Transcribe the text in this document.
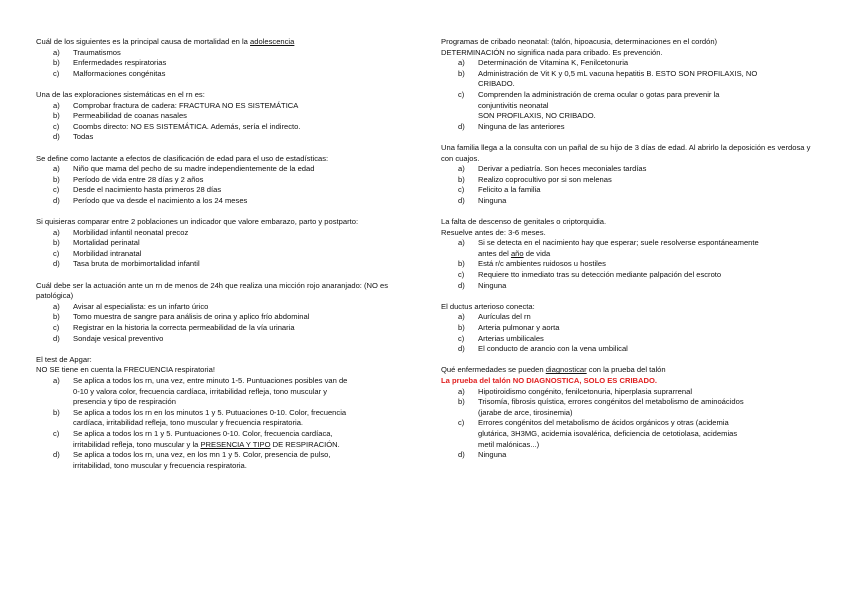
Cuál de los siguientes es la principal causa de mortalidad en la adolescencia
a)	Traumatismos
b)	Enfermedades respiratorias
c)	Malformaciones congénitas
Una de las exploraciones sistemáticas en el rn es:
a)	Comprobar fractura de cadera: FRACTURA NO ES SISTEMÁTICA
b)	Permeabilidad de coanas nasales
c)	Coombs directo: NO ES SISTEMÁTICA. Además, sería el indirecto.
d)	Todas
Se define como lactante a efectos de clasificación de edad para el uso de estadísticas:
a)	Niño que mama del pecho de su madre independientemente de la edad
b)	Período de vida entre 28 días y 2 años
c)	Desde el nacimiento hasta primeros 28 días
d)	Período que va desde el nacimiento a los 24 meses
Si quisieras comparar entre 2 poblaciones un indicador que valore embarazo, parto y postparto:
a)	Morbilidad infantil neonatal precoz
b)	Mortalidad perinatal
c)	Morbilidad intranatal
d)	Tasa bruta de morbimortalidad infantil
Cuál debe ser la actuación ante un rn de menos de 24h que realiza una micción rojo anaranjado: (NO es patológica)
a)	Avisar al especialista: es un infarto úrico
b)	Tomo muestra de sangre para análisis de orina y aplico frío abdominal
c)	Registrar en la historia la correcta permeabilidad de la vía urinaria
d)	Sondaje vesical preventivo
El test de Apgar:
NO SE tiene en cuenta la FRECUENCIA respiratoria!
a)	Se aplica a todos los rn, una vez, entre minuto 1-5. Puntuaciones posibles van de
0-10 y valora color, frecuencia cardíaca, irritabilidad refleja, tono muscular y
presencia y tipo de respiración
b)	Se aplica a todos los rn en los minutos 1 y 5. Putuaciones 0-10. Color, frecuencia
cardíaca, irritabilidad refleja, tono muscular y frecuencia respiratoria.
c)	Se aplica a todos los rn 1 y 5. Puntuaciones 0-10. Color, frecuencia cardíaca,
irritabilidad refleja, tono muscular y la PRESENCIA Y TIPO DE RESPIRACIÓN.
d)	Se aplica a todos los rn, una vez, en los mn 1 y 5. Color, presencia de pulso,
irritabilidad, tono muscular y frecuencia respiratoria.
Programas de cribado neonatal: (talón, hipoacusia, determinaciones en el cordón)
DETERMINACIÓN no significa nada para cribado. Es prevención.
a)	Determinación de Vitamina K, Fenilcetonuria
b)	Administración de Vit K y 0,5 mL vacuna hepatitis B. ESTO SON PROFILAXIS, NO
CRIBADO.
c)	Comprenden la administración de crema ocular o gotas para prevenir la
conjuntivitis neonatal
SON PROFILAXIS, NO CRIBADO.
d)	Ninguna de las anteriores
Una familia llega a la consulta con un pañal de su hijo de 3 días de edad. Al abrirlo la deposición es verdosa y con cuajos.
a)	Derivar a pediatría. Son heces meconiales tardías
b)	Realizo coprocultivo por si son melenas
c)	Felicito a la familia
d)	Ninguna
La falta de descenso de genitales o criptorquidia.
Resuelve antes de: 3-6 meses.
a)	Si se detecta en el nacimiento hay que esperar; suele resolverse espontáneamente
antes del año de vida
b)	Está r/c ambientes ruidosos u hostiles
c)	Requiere tto inmediato tras su detección mediante palpación del escroto
d)	Ninguna
El ductus arterioso conecta:
a)	Aurículas del rn
b)	Arteria pulmonar y aorta
c)	Arterias umbilicales
d)	El conducto de arancio con la vena umbilical
Qué enfermedades se pueden diagnosticar con la prueba del talón
La prueba del talón NO DIAGNOSTICA, SOLO ES CRIBADO.
a)	Hipotiroidismo congénito, fenilcetonuria, hiperplasia suprarrenal
b)	Trisomía, fibrosis quística, errores congénitos del metabolismo de aminoácidos
(jarabe de arce, tirosinemia)
c)	Errores congénitos del metabolismo de ácidos orgánicos y otras (acidemia
glutárica, 3H3MG, acidemia isovalérica, deficiencia de cetotiolasa, acidemias
metil malónicas...)
d)	Ninguna
